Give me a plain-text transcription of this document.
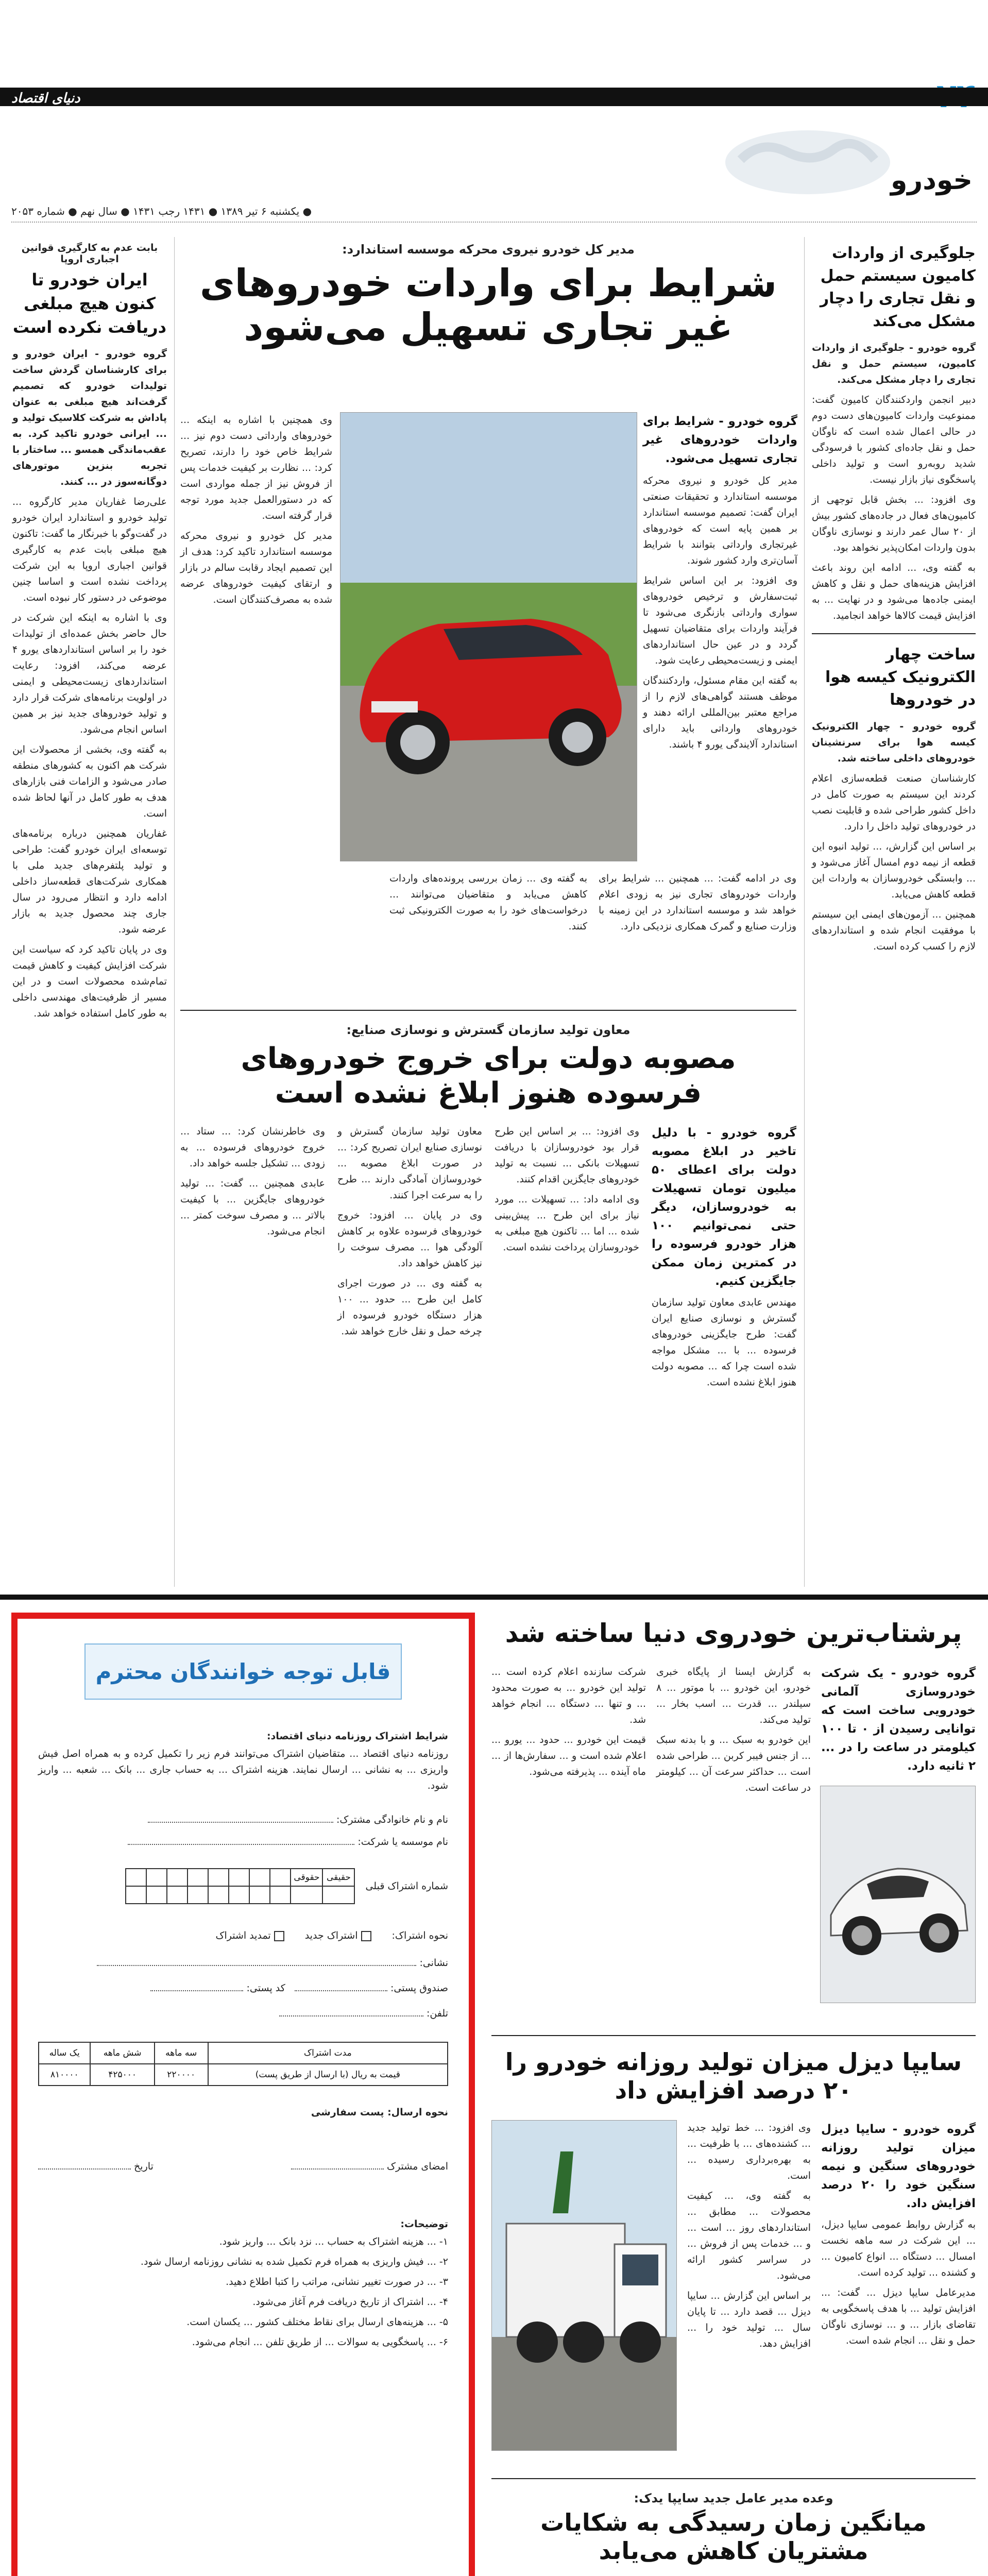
دنیای اقتصاد
خودرو
● یکشنبه ۶ تیر ۱۳۸۹ ● ۱۴۳۱ رجب ۱۴۳۱ ● سال نهم ● شماره ۲۰۵۳
جلوگیری از واردات کامیون سیستم حمل و نقل تجاری را دچار مشکل می‌کند

گروه خودرو - جلوگیری از واردات کامیون، سیستم حمل و نقل تجاری را دچار مشکل می‌کند.

دبیر انجمن واردکنندگان کامیون گفت: ممنوعیت واردات کامیون‌های دست دوم در حالی اعمال شده است که ناوگان حمل و نقل جاده‌ای کشور با فرسودگی شدید روبه‌رو است و تولید داخلی پاسخگوی نیاز بازار نیست.

وی افزود: ... بخش قابل توجهی از کامیون‌های فعال در جاده‌های کشور بیش از ۲۰ سال عمر دارند و نوسازی ناوگان بدون واردات امکان‌پذیر نخواهد بود.

به گفته وی، ... ادامه این روند باعث افزایش هزینه‌های حمل و نقل و کاهش ایمنی جاده‌ها می‌شود و در نهایت ... به افزایش قیمت کالاها خواهد انجامید.

ساخت چهار الکترونیک کیسه هوا در خودروها

گروه خودرو - چهار الکترونیک کیسه هوا برای سرنشینان خودروهای داخلی ساخته شد.

کارشناسان صنعت قطعه‌سازی اعلام کردند این سیستم به صورت کامل در داخل کشور طراحی شده و قابلیت نصب در خودروهای تولید داخل را دارد.

بر اساس این گزارش، ... تولید انبوه این قطعه از نیمه دوم امسال آغاز می‌شود و ... وابستگی خودروسازان به واردات این قطعه کاهش می‌یابد.

همچنین ... آزمون‌های ایمنی این سیستم با موفقیت انجام شده و استانداردهای لازم را کسب کرده است.

بابت عدم به کارگیری قوانین اجباری اروپا
ایران خودرو تا کنون هیچ مبلغی دریافت نکرده است

گروه خودرو - ایران خودرو و برای کارشناسان گردش ساخت تولیدات خودرو که تصمیم گرفت‌اند هیچ مبلغی به عنوان پاداش به شرکت کلاسیک تولید و ... ایرانی خودرو تاکید کرد. به عقب‌ماندگی همسو ... ساختار با تجربه بنزین موتورهای دوگانه‌سوز در ... کنند.

علی‌رضا غفاریان مدیر کارگروه ... تولید خودرو و استاندارد ایران خودرو در گفت‌وگو با خبرنگار ما گفت: تاکنون هیچ مبلغی بابت عدم به کارگیری قوانین اجباری اروپا به این شرکت پرداخت نشده است و اساسا چنین موضوعی در دستور کار نبوده است.

وی با اشاره به اینکه این شرکت در حال حاضر بخش عمده‌ای از تولیدات خود را بر اساس استانداردهای یورو ۴ عرضه می‌کند، افزود: رعایت استانداردهای زیست‌محیطی و ایمنی در اولویت برنامه‌های شرکت قرار دارد و تولید خودروهای جدید نیز بر همین اساس انجام می‌شود.

به گفته وی، بخشی از محصولات این شرکت هم اکنون به کشورهای منطقه صادر می‌شود و الزامات فنی بازارهای هدف به طور کامل در آنها لحاظ شده است.

غفاریان همچنین درباره برنامه‌های توسعه‌ای ایران خودرو گفت: طراحی و تولید پلتفرم‌های جدید ملی با همکاری شرکت‌های قطعه‌ساز داخلی ادامه دارد و انتظار می‌رود در سال جاری چند محصول جدید به بازار عرضه شود.

وی در پایان تاکید کرد که سیاست این شرکت افزایش کیفیت و کاهش قیمت تمام‌شده محصولات است و در این مسیر از ظرفیت‌های مهندسی داخلی به طور کامل استفاده خواهد شد.

مدیر کل خودرو نیروی محرکه موسسه استاندارد:
شرایط برای واردات خودروهای غیر تجاری تسهیل می‌شود
گروه خودرو - شرایط برای واردات خودروهای غیر تجاری تسهیل می‌شود.

مدیر کل خودرو و نیروی محرکه موسسه استاندارد و تحقیقات صنعتی ایران گفت: تصمیم موسسه استاندارد بر همین پایه است که خودروهای غیرتجاری وارداتی بتوانند با شرایط آسان‌تری وارد کشور شوند.

وی افزود: بر این اساس شرایط ثبت‌سفارش و ترخیص خودروهای سواری وارداتی بازنگری می‌شود تا فرآیند واردات برای متقاضیان تسهیل گردد و در عین حال استانداردهای ایمنی و زیست‌محیطی رعایت شود.

به گفته این مقام مسئول، واردکنندگان موظف هستند گواهی‌های لازم را از مراجع معتبر بین‌المللی ارائه دهند و خودروهای وارداتی باید دارای استاندارد آلایندگی یورو ۴ باشند.

وی همچنین با اشاره به اینکه ... خودروهای وارداتی دست دوم نیز ... شرایط خاص خود را دارند، تصریح کرد: ... نظارت بر کیفیت خدمات پس از فروش نیز از جمله مواردی است که در دستورالعمل جدید مورد توجه قرار گرفته است.

مدیر کل خودرو و نیروی محرکه موسسه استاندارد تاکید کرد: هدف از این تصمیم ایجاد رقابت سالم در بازار و ارتقای کیفیت خودروهای عرضه شده به مصرف‌کنندگان است.

وی در ادامه گفت: ... همچنین ... شرایط برای واردات خودروهای تجاری نیز به زودی اعلام خواهد شد و موسسه استاندارد در این زمینه با وزارت صنایع و گمرک همکاری نزدیکی دارد.

به گفته وی ... زمان بررسی پرونده‌های واردات کاهش می‌یابد و متقاضیان می‌توانند ... درخواست‌های خود را به صورت الکترونیکی ثبت کنند.

معاون تولید سازمان گسترش و نوسازی صنایع:
مصوبه دولت برای خروج خودروهای فرسوده هنوز ابلاغ نشده است
گروه خودرو - با دلیل تاخیر در ابلاغ مصوبه دولت برای اعطای ۵۰ میلیون تومان تسهیلات به خودروسازان، دیگر حتی نمی‌توانیم ۱۰۰ هزار خودرو فرسوده را در کمترین زمان ممکن جایگزین کنیم.

مهندس عابدی معاون تولید سازمان گسترش و نوسازی صنایع ایران گفت: طرح جایگزینی خودروهای فرسوده ... با ... مشکل مواجه شده است چرا که ... مصوبه دولت هنوز ابلاغ نشده است.

وی افزود: ... بر اساس این طرح قرار بود خودروسازان با دریافت تسهیلات بانکی ... نسبت به تولید خودروهای جایگزین اقدام کنند.

وی ادامه داد: ... تسهیلات ... مورد نیاز برای این طرح ... پیش‌بینی شده ... اما ... تاکنون هیچ مبلغی به خودروسازان پرداخت نشده است.

معاون تولید سازمان گسترش و نوسازی صنایع ایران تصریح کرد: ... در صورت ابلاغ مصوبه ... خودروسازان آمادگی دارند ... طرح را به سرعت اجرا کنند.

وی در پایان ... افزود: خروج خودروهای فرسوده علاوه بر کاهش آلودگی هوا ... مصرف سوخت را نیز کاهش خواهد داد.

به گفته وی ... در صورت اجرای کامل این طرح ... حدود ... ۱۰۰ هزار دستگاه خودرو فرسوده از چرخه حمل و نقل خارج خواهد شد.

وی خاطرنشان کرد: ... ستاد ... خروج خودروهای فرسوده ... به زودی ... تشکیل جلسه خواهد داد.

عابدی همچنین ... گفت: ... تولید خودروهای جایگزین ... با کیفیت بالاتر ... و مصرف سوخت کمتر ... انجام می‌شود.

قابل توجه خوانندگان محترم
شرایط اشتراک روزنامه دنیای اقتصاد:
روزنامه دنیای اقتصاد ... متقاضیان اشتراک می‌توانند فرم زیر را تکمیل کرده و به همراه اصل فیش واریزی ... به نشانی ... ارسال نمایند. هزینه اشتراک ... به حساب جاری ... بانک ... شعبه ... واریز شود.
نام و نام خانوادگی مشترک:
نام موسسه یا شرکت:
شماره اشتراک قبلی
حقیقی	حقوقی								

نحوه اشتراک:
اشتراک جدید
تمدید اشتراک
نشانی:
صندوق پستی:    کد پستی:
تلفن:
مدت اشتراک	سه ماهه	شش ماهه	یک ساله
قیمت به ریال (با ارسال از طریق پست)	۲۲۰۰۰۰	۴۲۵۰۰۰	۸۱۰۰۰۰
نحوه ارسال: پست سفارشی
امضای مشترک
تاریخ
توضیحات:

۱- ... هزینه اشتراک به حساب ... نزد بانک ... واریز شود.

۲- ... فیش واریزی به همراه فرم تکمیل شده به نشانی روزنامه ارسال شود.

۳- ... در صورت تغییر نشانی، مراتب را کتبا اطلاع دهید.

۴- ... اشتراک از تاریخ دریافت فرم آغاز می‌شود.

۵- ... هزینه‌های ارسال برای نقاط مختلف کشور ... یکسان است.

۶- ... پاسخگویی به سوالات ... از طریق تلفن ... انجام می‌شود.

پرشتاب‌ترین خودروی دنیا ساخته شد
گروه خودرو - یک شرکت خودروسازی آلمانی خودرویی ساخت است که توانایی رسیدن از ۰ تا ۱۰۰ کیلومتر در ساعت را در ... ۲ ثانیه دارد.

به گزارش ایسنا از پایگاه خبری خودرو، این خودرو ... با موتور ... ۸ سیلندر ... قدرت ... اسب بخار ... تولید می‌کند.

این خودرو به سبک ... و با بدنه سبک ... از جنس فیبر کربن ... طراحی شده است ... حداکثر سرعت آن ... کیلومتر در ساعت است.

شرکت سازنده اعلام کرده است ... تولید این خودرو ... به صورت محدود ... و تنها ... دستگاه ... انجام خواهد شد.

قیمت این خودرو ... حدود ... یورو ... اعلام شده است و ... سفارش‌ها از ... ماه آینده ... پذیرفته می‌شود.

سایپا دیزل میزان تولید روزانه خودرو را ۲۰ درصد افزایش داد
گروه خودرو - سایپا دیزل میزان تولید روزانه خودروهای سنگین و نیمه سنگین خود را ۲۰ درصد افزایش داد.

به گزارش روابط عمومی سایپا دیزل، ... این شرکت در سه ماهه نخست امسال ... دستگاه ... انواع کامیون ... و کشنده ... تولید کرده است.

مدیرعامل سایپا دیزل ... گفت: ... افزایش تولید ... با هدف پاسخگویی به تقاضای بازار ... و ... نوسازی ناوگان حمل و نقل ... انجام شده است.

وی افزود: ... خط تولید جدید ... کشنده‌های ... با ظرفیت ... به بهره‌برداری رسیده ... است.

به گفته وی، ... کیفیت محصولات ... مطابق ... استانداردهای روز ... است ... و ... خدمات پس از فروش ... در سراسر کشور ارائه می‌شود.

بر اساس این گزارش ... سایپا دیزل ... قصد دارد ... تا پایان سال ... تولید خود را ... افزایش دهد.

وعده مدیر عامل جدید سایپا یدک:
میانگین زمان رسیدگی به شکایات مشتریان کاهش می‌یابد
